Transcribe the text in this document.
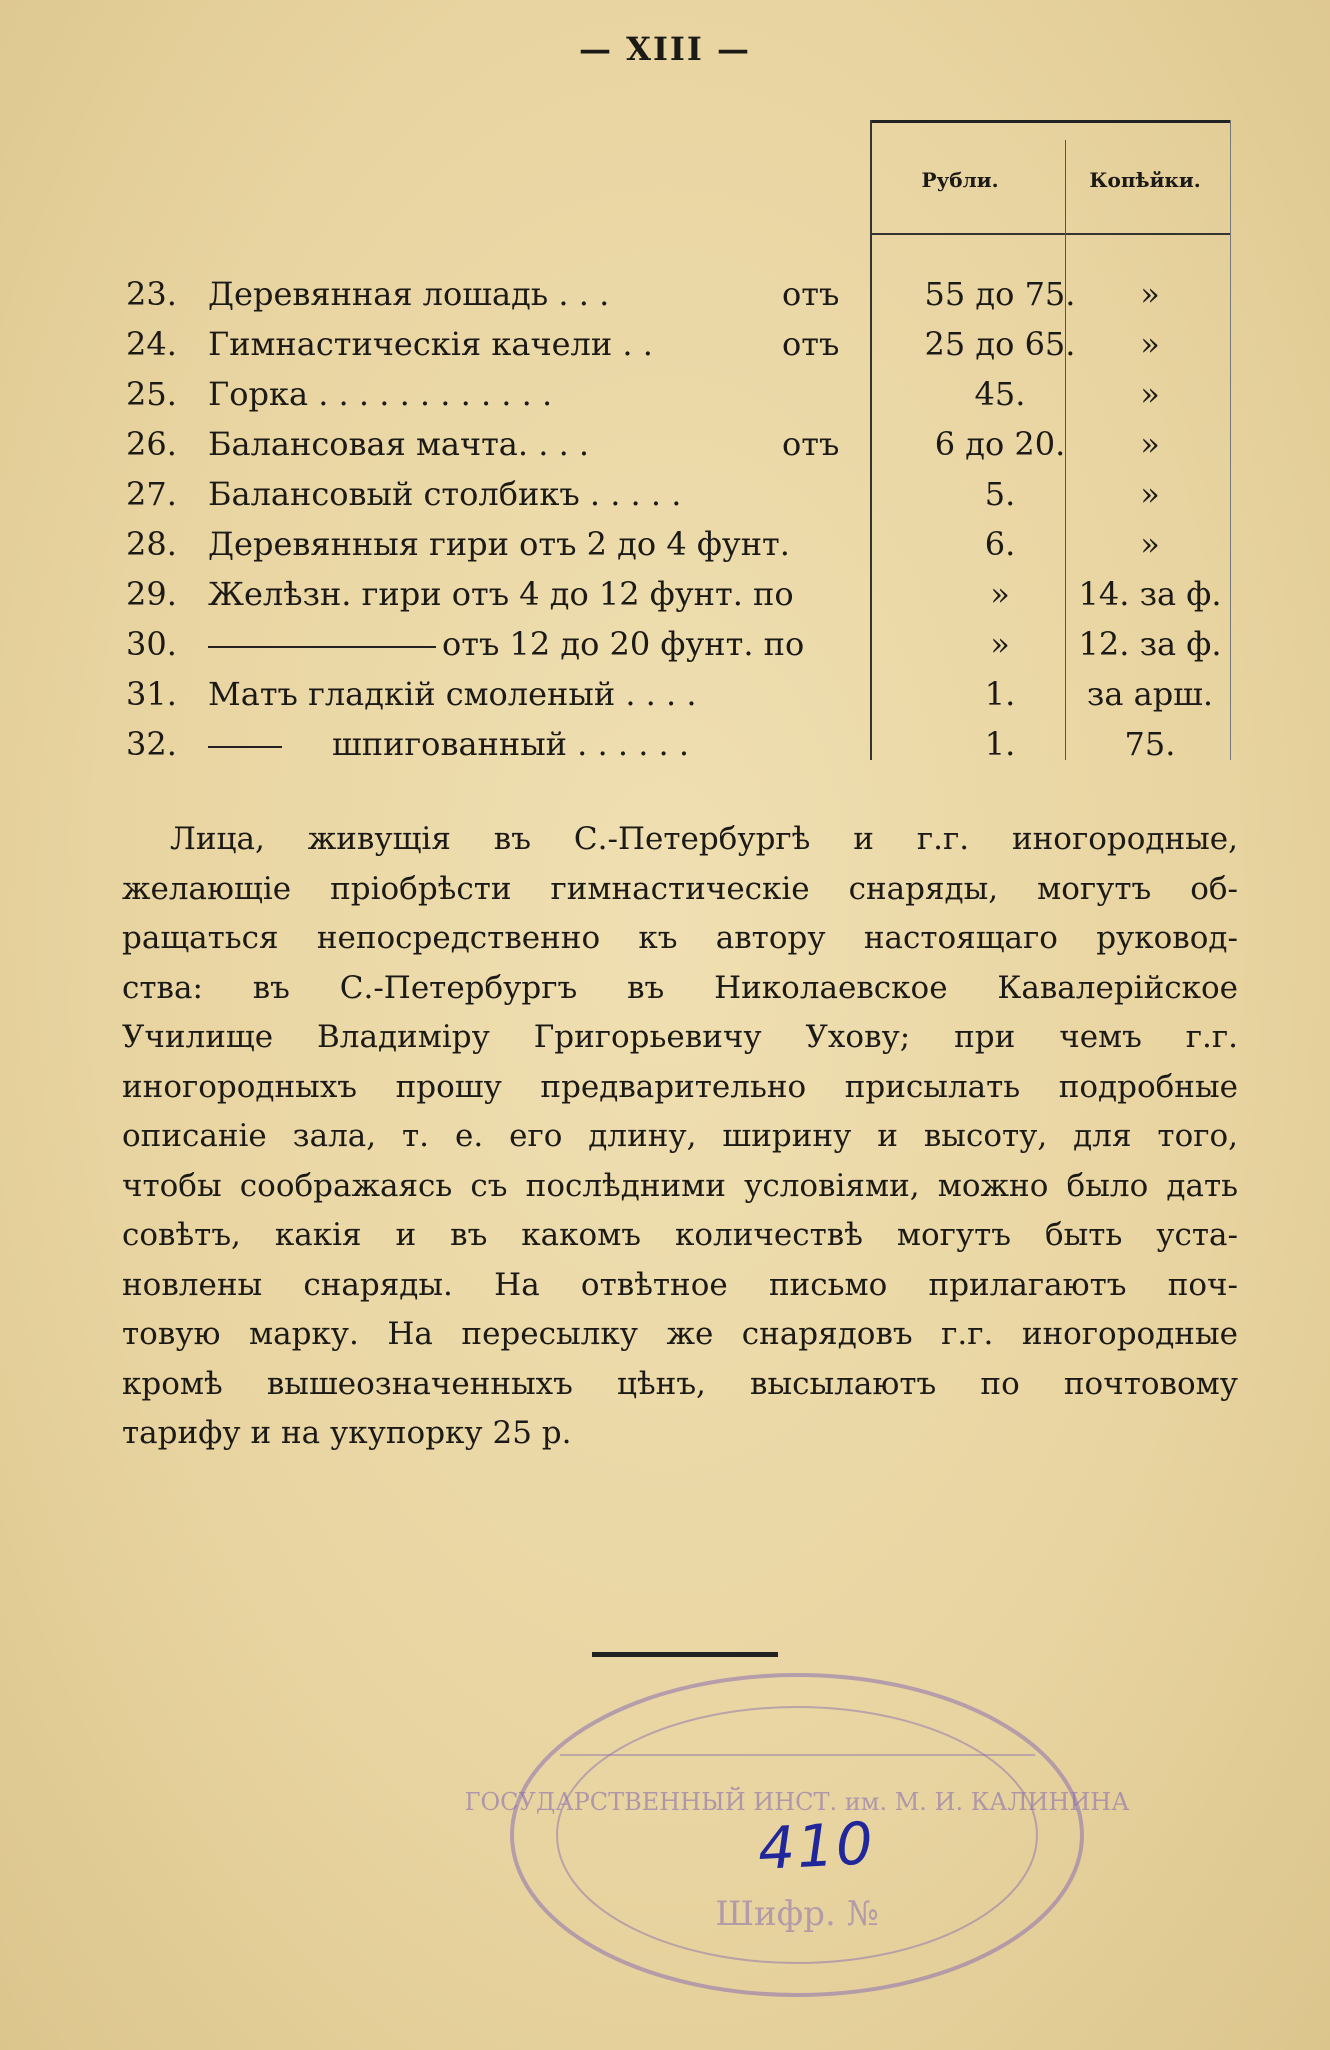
— XIII —
Рубли.	Копѣйки.
23. Деревянная лошадь . . .	отъ	55 до 75.	»
24. Гимнастическія качели . .	отъ	25 до 65.	»
25. Горка . . . . . . . . . . . .	45.	»
26. Балансовая мачта. . . .	отъ	6 до 20.	»
27. Балансовый столбикъ . . . . .	5.	»
28. Деревянныя гири отъ 2 до 4 фунт.	6.	»
29. Желѣзн. гири отъ 4 до 12 фунт. по	»	14. за ф.
30.	отъ 12 до 20 фунт. по	»	12. за ф.
31. Матъ гладкій смоленый . . . .	1.	за арш.
32.	шпигованный . . . . . .	1.	75.
Лица, живущія въ С.-Петербургѣ и г.г. иногородные,
желающіе пріобрѣсти гимнастическіе снаряды, могутъ об-
ращаться непосредственно къ автору настоящаго руковод-
ства: въ С.-Петербургъ въ Николаевское Кавалерійское
Училище Владиміру Григорьевичу Ухову; при чемъ г.г.
иногородныхъ прошу предварительно присылать подробные
описаніе зала, т. е. его длину, ширину и высоту, для того,
чтобы соображаясь съ послѣдними условіями, можно было дать
совѣтъ, какія и въ какомъ количествѣ могутъ быть уста-
новлены снаряды. На отвѣтное письмо прилагаютъ поч-
товую марку. На пересылку же снарядовъ г.г. иногородные
кромѣ вышеозначенныхъ цѣнъ, высылаютъ по почтовому
тарифу и на укупорку 25 р.
ГОСУДАРСТВЕННЫЙ ИНСТ. им. М. И. КАЛИНИНА
Шифр. №
410
